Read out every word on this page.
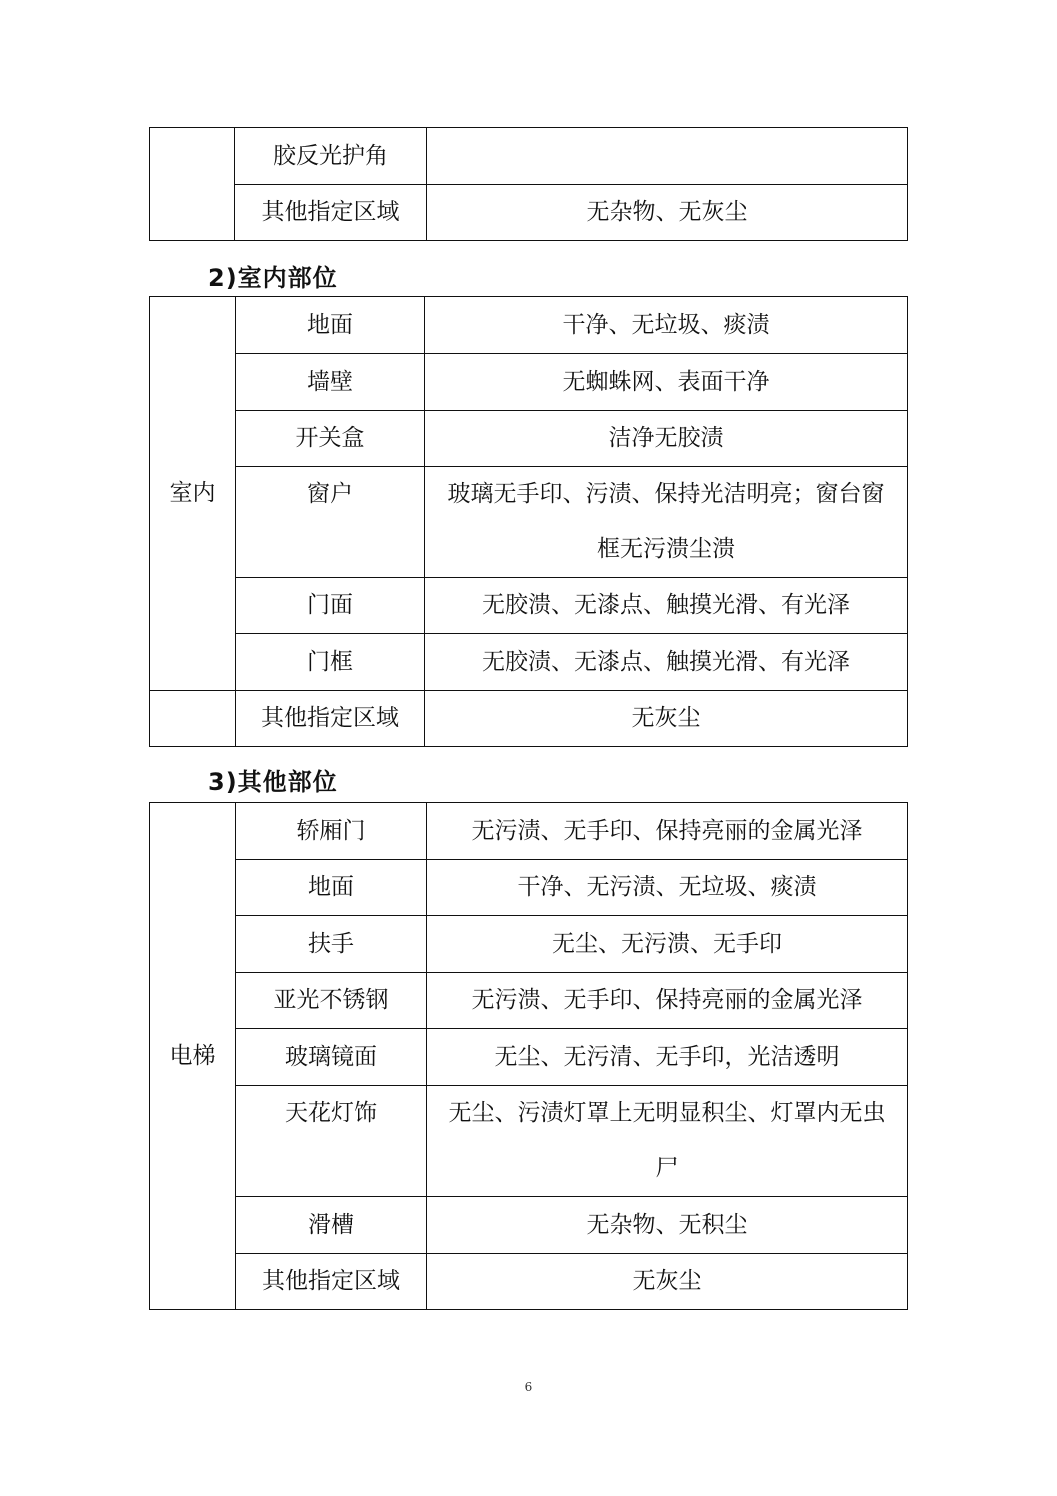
	胶反光护角	
	其他指定区域	无杂物、无灰尘
2)室内部位
室内	地面	干净、无垃圾、痰渍
	墙壁	无蜘蛛网、表面干净
	开关盒	洁净无胶渍
	窗户	玻璃无手印、污渍、保持光洁明亮；窗台窗
框无污溃尘溃

	门面	无胶溃、无漆点、触摸光滑、有光泽
	门框	无胶渍、无漆点、触摸光滑、有光泽
	其他指定区域	无灰尘
3)其他部位
电梯	轿厢门	无污渍、无手印、保持亮丽的金属光泽
	地面	干净、无污渍、无垃圾、痰渍
	扶手	无尘、无污溃、无手印
	亚光不锈钢	无污溃、无手印、保持亮丽的金属光泽
	玻璃镜面	无尘、无污清、无手印，光洁透明
	天花灯饰	无尘、污渍灯罩上无明显积尘、灯罩内无虫
尸

	滑槽	无杂物、无积尘
	其他指定区域	无灰尘
6
